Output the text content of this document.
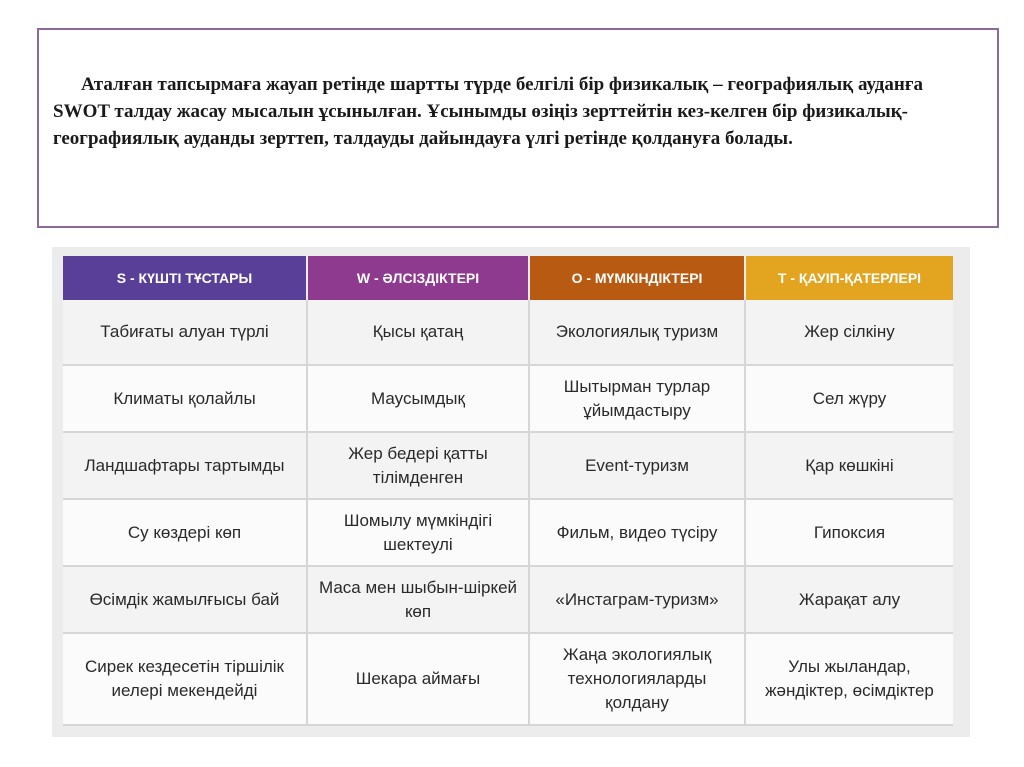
Аталған тапсырмаға жауап ретінде шартты түрде белгілі бір физикалық – географиялық ауданға SWOT талдау жасау мысалын ұсынылған. Ұсынымды өзіңіз зерттейтін кез-келген бір физикалық-географиялық ауданды зерттеп, талдауды дайындауға үлгі ретінде қолдануға болады.

S - КҮШТІ ТҰСТАРЫ	W - ӘЛСІЗДІКТЕРІ	O - МҮМКІНДІКТЕРІ	T - ҚАУІП-ҚАТЕРЛЕРІ
Табиғаты алуан түрлі	Қысы қатаң	Экологиялық туризм	Жер сілкіну
Климаты қолайлы	Маусымдық	Шытырман турлар ұйымдастыру	Сел жүру
Ландшафтары тартымды	Жер бедері қатты тілімденген	Event-туризм	Қар көшкіні
Су көздері көп	Шомылу мүмкіндігі шектеулі	Фильм, видео түсіру	Гипоксия
Өсімдік жамылғысы бай	Маса мен шыбын-шіркей көп	«Инстаграм-туризм»	Жарақат алу
Сирек кездесетін тіршілік иелері мекендейді	Шекара аймағы	Жаңа экологиялық технологияларды қолдану	Улы жыландар, жәндіктер, өсімдіктер
